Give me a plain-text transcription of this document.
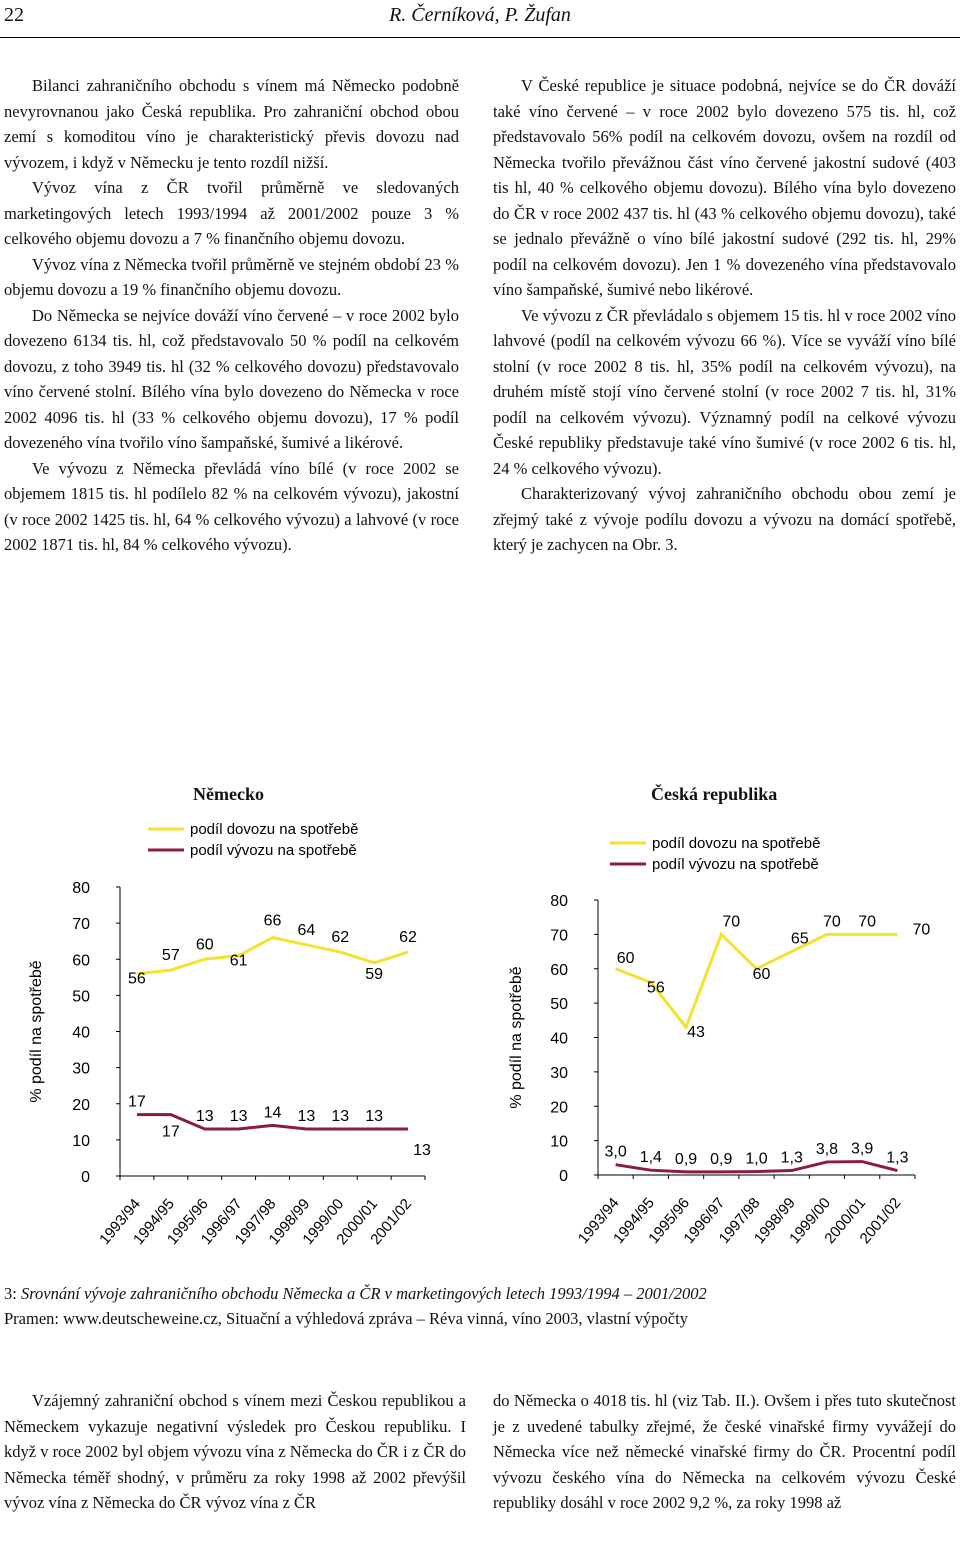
22	R. Černíková, P. Žufan

Bilanci zahraničního obchodu s vínem má Německo podobně nevyrovnanou jako Česká republika. Pro zahraniční obchod obou zemí s komoditou víno je charakteristický převis dovozu nad vývozem, i když v Německu je tento rozdíl nižší.

Vývoz vína z ČR tvořil průměrně ve sledovaných marketingových letech 1993/1994 až 2001/2002 pouze 3 % celkového objemu dovozu a 7 % finančního objemu dovozu.

Vývoz vína z Německa tvořil průměrně ve stejném období 23 % objemu dovozu a 19 % finančního objemu dovozu.

Do Německa se nejvíce dováží víno červené – v roce 2002 bylo dovezeno 6134 tis. hl, což představovalo 50 % podíl na celkovém dovozu, z toho 3949 tis. hl (32 % celkového dovozu) představovalo víno červené stolní. Bílého vína bylo dovezeno do Německa v roce 2002 4096 tis. hl (33 % celkového objemu dovozu), 17 % podíl dovezeného vína tvořilo víno šampaňské, šumivé a likérové.

Ve vývozu z Německa převládá víno bílé (v roce 2002 se objemem 1815 tis. hl podílelo 82 % na celkovém vývozu), jakostní (v roce 2002 1425 tis. hl, 64 % celkového vývozu) a lahvové (v roce 2002 1871 tis. hl, 84 % celkového vývozu).

V České republice je situace podobná, nejvíce se do ČR dováží také víno červené – v roce 2002 bylo dovezeno 575 tis. hl, což představovalo 56% podíl na celkovém dovozu, ovšem na rozdíl od Německa tvořilo převážnou část víno červené jakostní sudové (403 tis hl, 40 % celkového objemu dovozu). Bílého vína bylo dovezeno do ČR v roce 2002 437 tis. hl (43 % celkového objemu dovozu), také se jednalo převážně o víno bílé jakostní sudové (292 tis. hl, 29% podíl na celkovém dovozu). Jen 1 % dovezeného vína představovalo víno šampaňské, šumivé nebo likérové.

Ve vývozu z ČR převládalo s objemem 15 tis. hl v roce 2002 víno lahvové (podíl na celkovém vývozu 66 %). Více se vyváží víno bílé stolní (v roce 2002 8 tis. hl, 35% podíl na celkovém vývozu), na druhém místě stojí víno červené stolní (v roce 2002 7 tis. hl, 31% podíl na celkovém vývozu). Významný podíl na celkové vývozu České republiky představuje také víno šumivé (v roce 2002 6 tis. hl, 24 % celkového vývozu).

Charakterizovaný vývoj zahraničního obchodu obou zemí je zřejmý také z vývoje podílu dovozu a vývozu na domácí spotřebě, který je zachycen na Obr. 3.

Německo	Česká republika
0
10
20
30
40
50
60
70
80
1993/94
1994/95
1995/96
1996/97
1997/98
1998/99
1999/00
2000/01
2001/02
% podíl na spotřebě
podíl dovozu na spotřebě
podíl vývozu na spotřebě
56
57
60
61
66
64 62
59
62
17
17
13 13 14 13 13 13
13
0
10
20
30
40
50
60
70
80
1993/94
1994/95
1995/96
1996/97
1997/98
1998/99
1999/00
2000/01
2001/02
% podíl na spotřebě
podíl dovozu na spotřebě
podíl vývozu na spotřebě
60
56
43
70
60
65
70 70 70
3,0 1,4 0,9 0,9 1,0 1,3
3,8 3,9
1,3
3: Srovnání vývoje zahraničního obchodu Německa a ČR v marketingových letech 1993/1994 – 2001/2002
Pramen: www.deutscheweine.cz, Situační a výhledová zpráva – Réva vinná, víno 2003, vlastní výpočty

Vzájemný zahraniční obchod s vínem mezi Českou republikou a Německem vykazuje negativní výsledek pro Českou republiku. I když v roce 2002 byl objem vývozu vína z Německa do ČR i z ČR do Německa téměř shodný, v průměru za roky 1998 až 2002 převýšil vývoz vína z Německa do ČR vývoz vína z ČR

do Německa o 4018 tis. hl (viz Tab. II.). Ovšem i přes tuto skutečnost je z uvedené tabulky zřejmé, že české vinařské firmy vyvážejí do Německa více než německé vinařské firmy do ČR. Procentní podíl vývozu českého vína do Německa na celkovém vývozu České republiky dosáhl v roce 2002 9,2 %, za roky 1998 až
